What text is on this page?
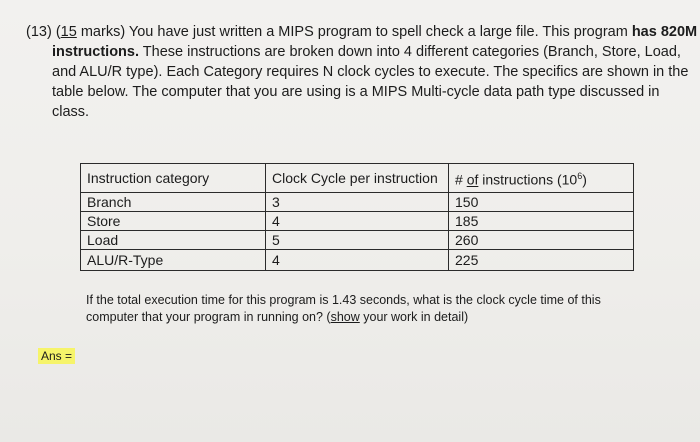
(13) (15 marks) You have just written a MIPS program to spell check a large file. This program has 820M
instructions. These instructions are broken down into 4 different categories (Branch, Store, Load,
and ALU/R type). Each Category requires N clock cycles to execute. The specifics are shown in the
table below. The computer that you are using is a MIPS Multi-cycle data path type discussed in
class.
Instruction category	Clock Cycle per instruction	# of instructions $(10^6)$
Branch	3	150
Store	4	185
Load	5	260
ALU/R-Type	4	225
If the total execution time for this program is 1.43 seconds, what is the clock cycle time of this
computer that your program in running on? (show your work in detail)
Ans =
